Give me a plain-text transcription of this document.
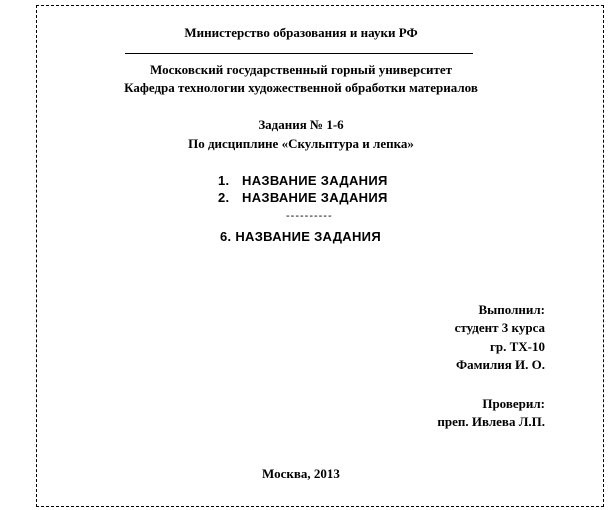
Министерство образования и науки РФ
Московский государственный горный университет
Кафедра технологии художественной обработки материалов
Задания № 1-6
По дисциплине «Скульптура и лепка»
1. НАЗВАНИЕ ЗАДАНИЯ
2. НАЗВАНИЕ ЗАДАНИЯ
----------
6. НАЗВАНИЕ ЗАДАНИЯ
Выполнил:
студент 3 курса
гр. ТХ-10
Фамилия И. О.
Проверил:
преп. Ивлева Л.П.
Москва, 2013
